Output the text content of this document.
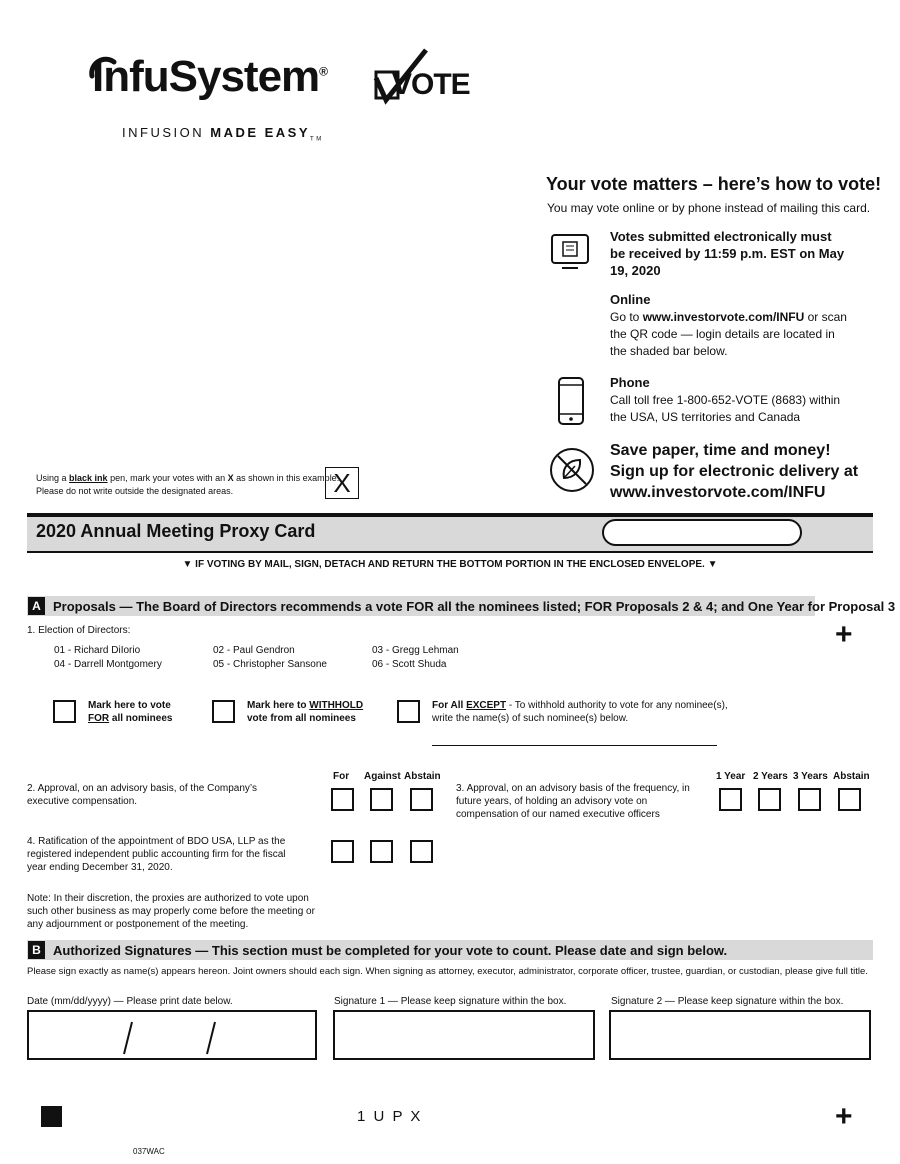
InfuSystem®
INFUSION MADE $EASY_{TM}$
VOTE
Your vote matters – here’s how to vote!
You may vote online or by phone instead of mailing this card.
Votes submitted electronically must be received by 11:59 p.m. EST on May 19, 2020
Online
Go to www.investorvote.com/INFU or scan the QR code — login details are located in the shaded bar below.
Phone
Call toll free 1-800-652-VOTE (8683) within the USA, US territories and Canada
Save paper, time and money!
Sign up for electronic delivery at
www.investorvote.com/INFU
Using a black ink pen, mark your votes with an X as shown in this example.
Please do not write outside the designated areas.	X
2020 Annual Meeting Proxy Card
▼ IF VOTING BY MAIL, SIGN, DETACH AND RETURN THE BOTTOM PORTION IN THE ENCLOSED ENVELOPE. ▼
A Proposals — The Board of Directors recommends a vote FOR all the nominees listed; FOR Proposals 2 & 4; and One Year for Proposal 3
+
1. Election of Directors:
01 - Richard DiIorio	02 - Paul Gendron	03 - Gregg Lehman
04 - Darrell Montgomery	05 - Christopher Sansone	06 - Scott Shuda
Mark here to vote
FOR all nominees
Mark here to WITHHOLD
vote from all nominees
For All EXCEPT - To withhold authority to vote for any nominee(s), write the name(s) of such nominee(s) below.
For Against Abstain	1 Year 2 Years 3 Years Abstain
2. Approval, on an advisory basis, of the Company’s executive compensation.
3. Approval, on an advisory basis of the frequency, in future years, of holding an advisory vote on compensation of our named executive officers
4. Ratification of the appointment of BDO USA, LLP as the registered independent public accounting firm for the fiscal year ending December 31, 2020.
Note: In their discretion, the proxies are authorized to vote upon such other business as may properly come before the meeting or any adjournment or postponement of the meeting.
B Authorized Signatures — This section must be completed for your vote to count. Please date and sign below.
Please sign exactly as name(s) appears hereon. Joint owners should each sign. When signing as attorney, executor, administrator, corporate officer, trustee, guardian, or custodian, please give full title.
Date (mm/dd/yyyy) — Please print date below.	Signature 1 — Please keep signature within the box.	Signature 2 — Please keep signature within the box.
1 U P X	+
037WAC
